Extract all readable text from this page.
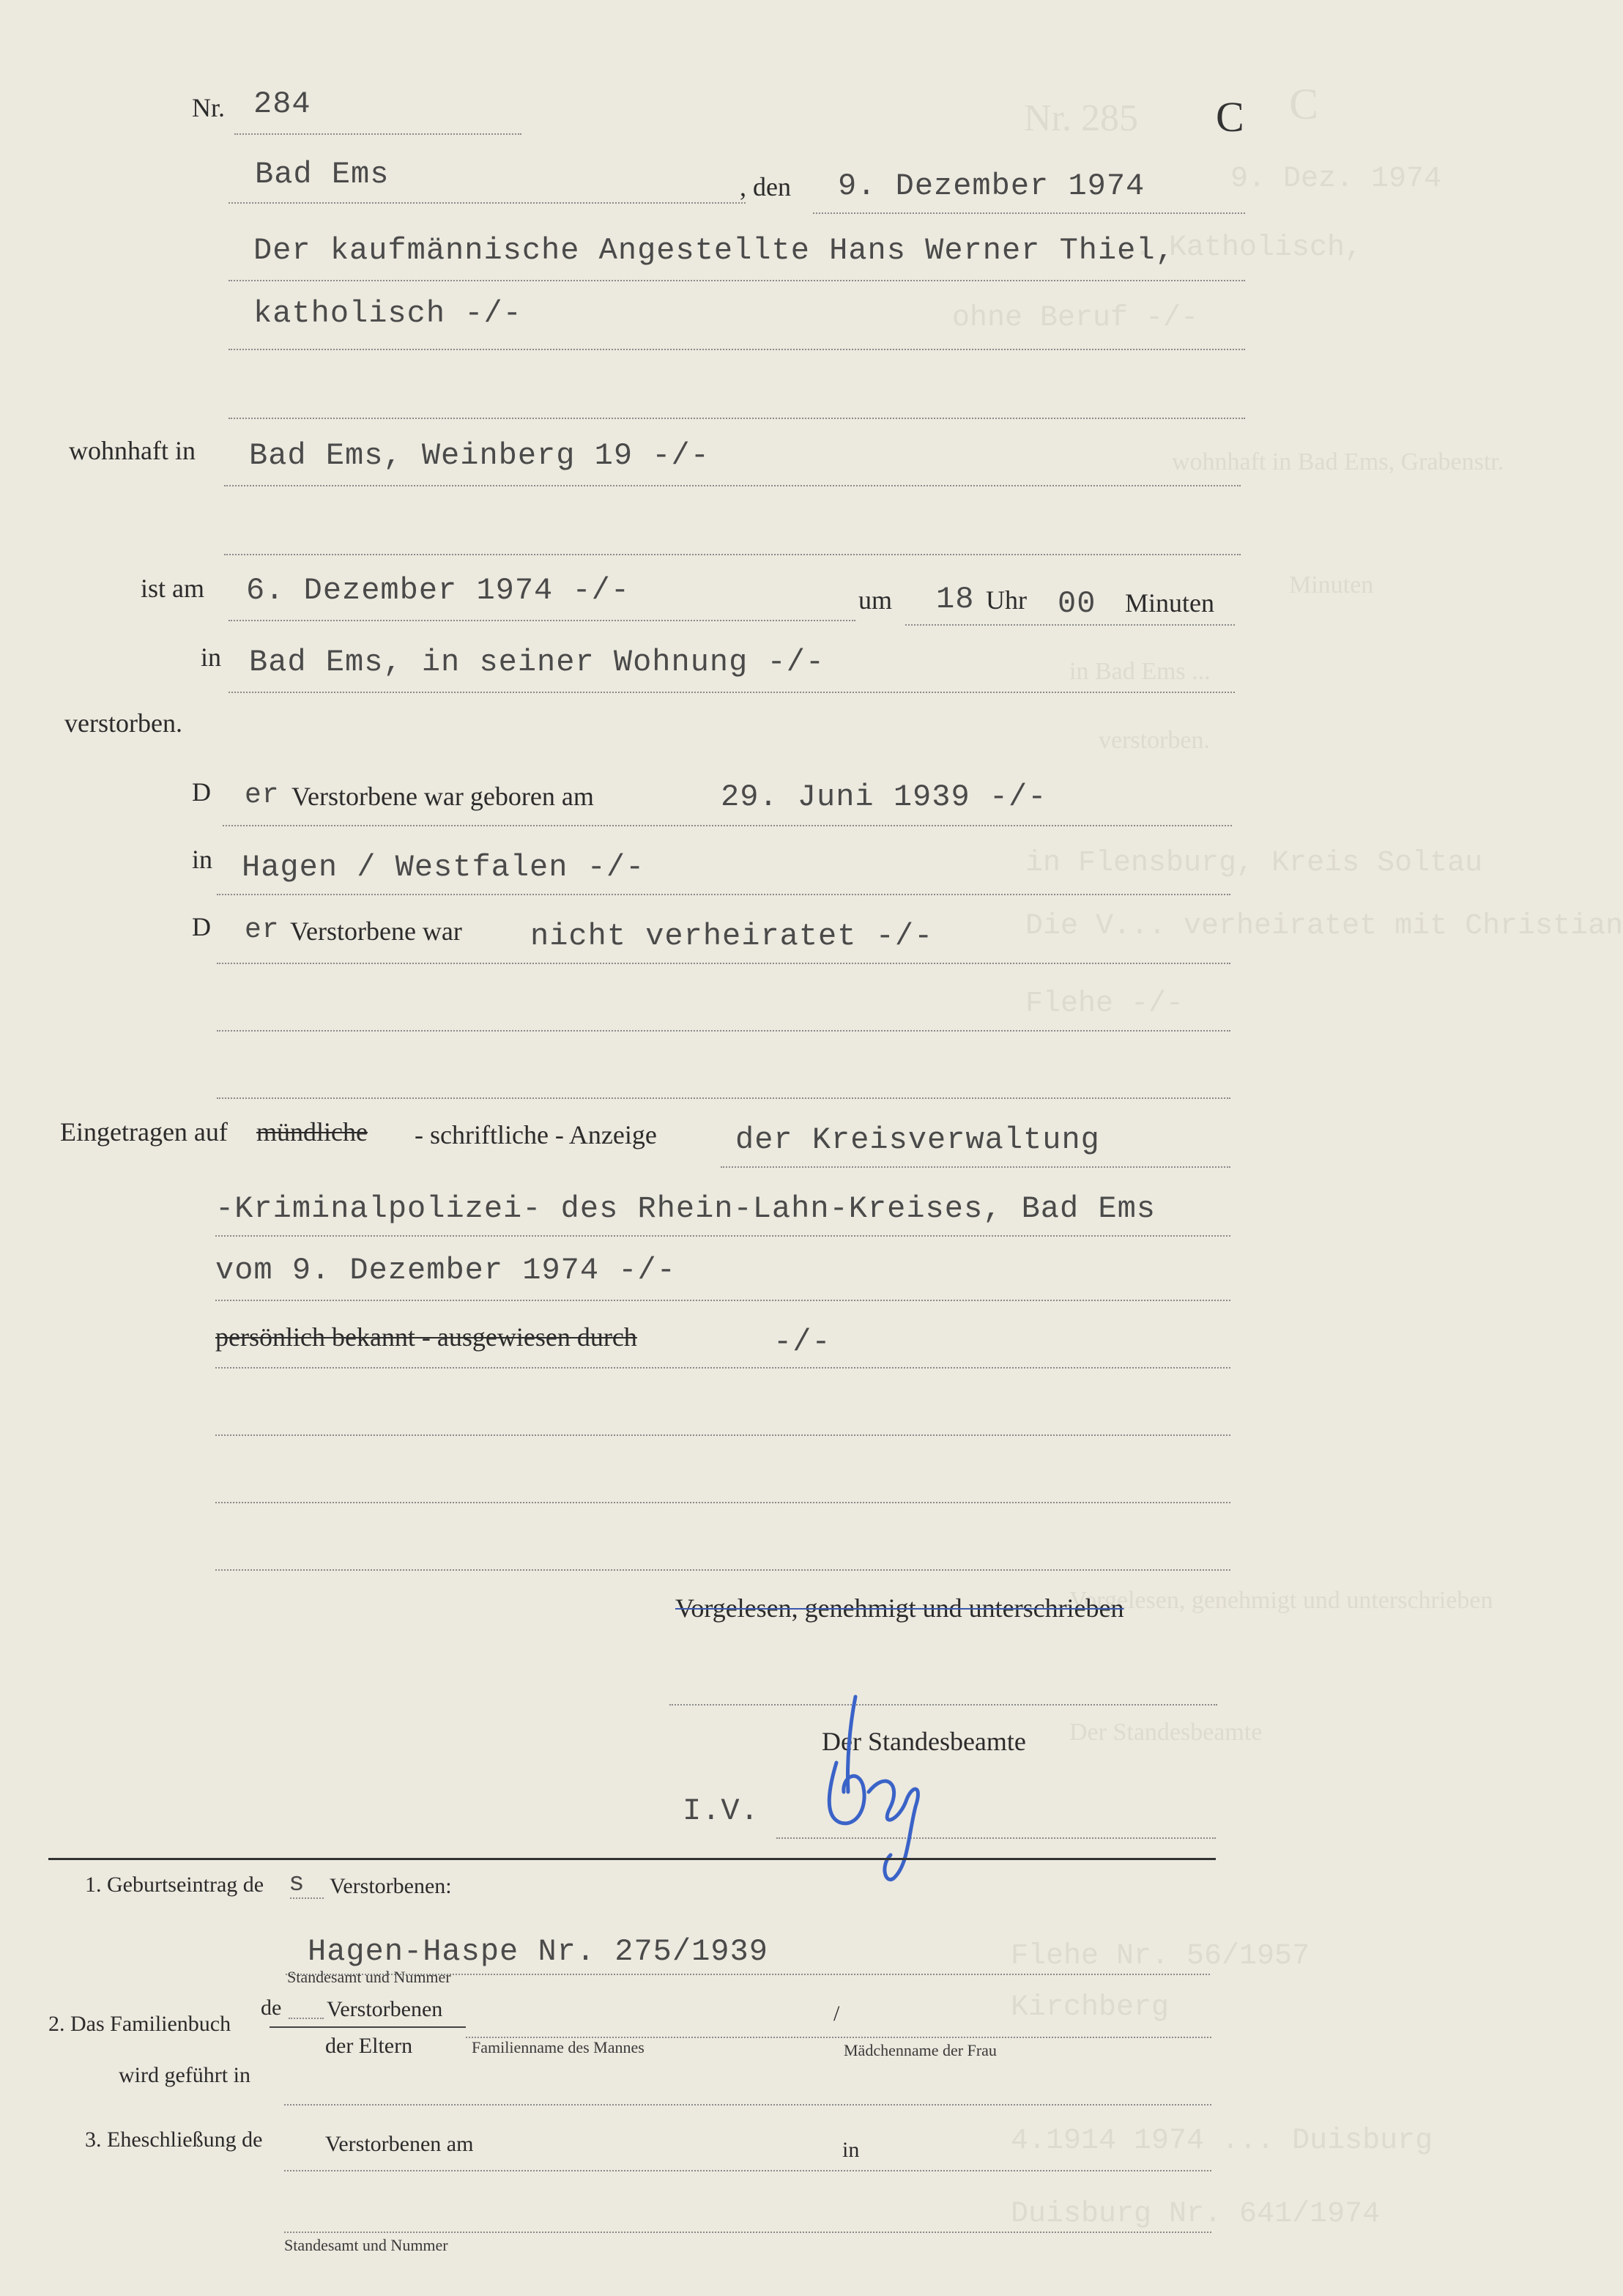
Nr. 285	C
9. Dez. 1974
... Katholisch,
ohne Beruf -/-
wohnhaft in Bad Ems, Grabenstr.
Minuten
in Bad Ems ...
verstorben.
in Flensburg, Kreis Soltau
Die V... verheiratet mit Christian
Flehe -/-
Vorgelesen, genehmigt und unterschrieben
Der Standesbeamte
Flehe Nr. 56/1957
Kirchberg
4.1914 1974 ... Duisburg
Duisburg Nr. 641/1974
C
Nr. 284
Bad Ems	, den 9. Dezember 1974
Der kaufmännische Angestellte Hans Werner Thiel,
katholisch -/-
wohnhaft in Bad Ems, Weinberg 19 -/-
ist am 6. Dezember 1974 -/-	um 18 Uhr 00 Minuten
in Bad Ems, in seiner Wohnung -/-
verstorben.
D er Verstorbene war geboren am	29. Juni 1939 -/-
in Hagen / Westfalen -/-
D er Verstorbene war nicht verheiratet -/-
Eingetragen auf mündliche - schriftliche - Anzeige	der Kreisverwaltung
-Kriminalpolizei- des Rhein-Lahn-Kreises, Bad Ems
vom 9. Dezember 1974 -/-
persönlich bekannt - ausgewiesen durch	-/-
Vorgelesen, genehmigt und unterschrieben
Der Standesbeamte
I.V.
1. Geburtseintrag de s Verstorbenen:
Hagen-Haspe Nr. 275/1939
Standesamt und Nummer
2. Das Familienbuch
de Verstorbenen
der Eltern	Familienname des Mannes
/
Mädchenname der Frau
wird geführt in
3. Eheschließung de	Verstorbenen am	in
Standesamt und Nummer
